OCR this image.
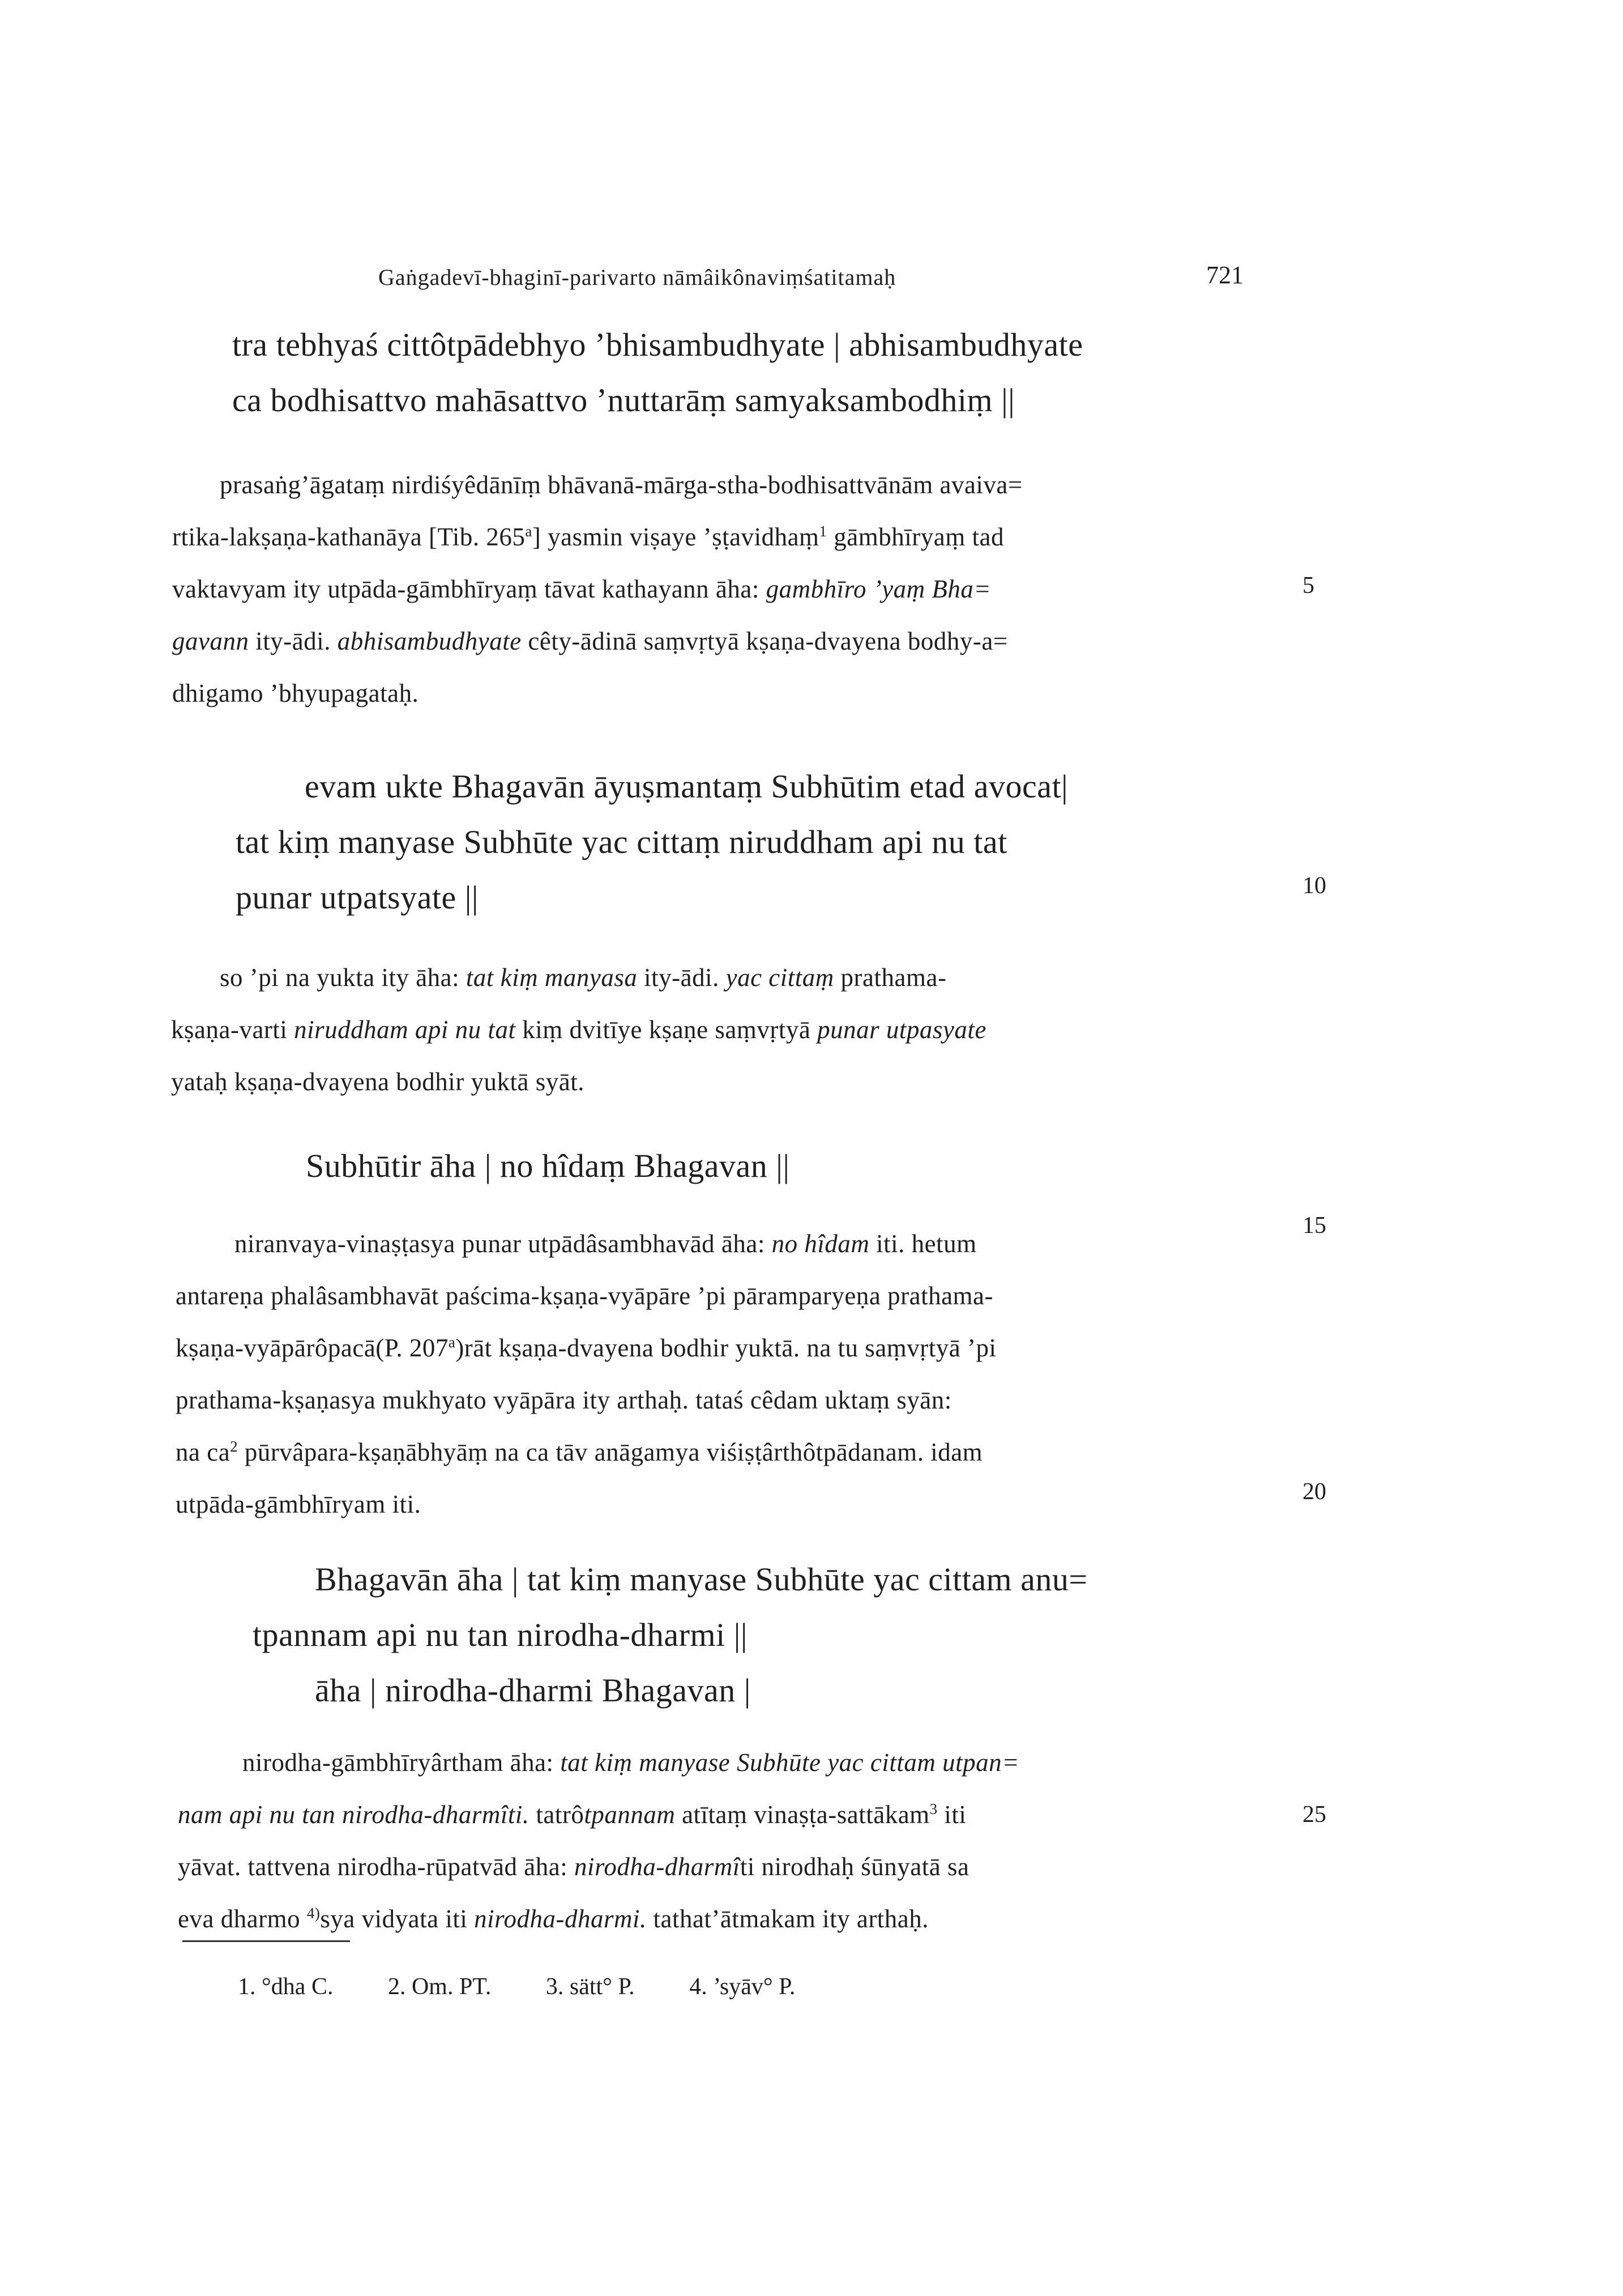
Gaṅgadevī-bhaginī-parivarto nāmâikônaviṃśatitamaḥ	721
tra tebhyaś cittôtpādebhyo ’bhisambudhyate | abhisambudhyate
ca bodhisattvo mahāsattvo ’nuttarāṃ samyaksambodhiṃ ||
prasaṅg’āgataṃ nirdiśyêdānīṃ bhāvanā-mārga-stha-bodhisattvānām avaiva=
rtika-lakṣaṇa-kathanāya [Tib. 265$^a$] yasmin viṣaye ’ṣṭavidhaṃ$^1$ gāmbhīryaṃ tad
vaktavyam ity utpāda-gāmbhīryaṃ tāvat kathayann āha: gambhīro ’yaṃ Bha=
gavann ity-ādi. abhisambudhyate cêty-ādinā saṃvṛtyā kṣaṇa-dvayena bodhy-a=
dhigamo ’bhyupagataḥ.
5
evam ukte Bhagavān āyuṣmantaṃ Subhūtim etad avocat|
tat kiṃ manyase Subhūte yac cittaṃ niruddham api nu tat
punar utpatsyate ||	10
so ’pi na yukta ity āha: tat kiṃ manyasa ity-ādi. yac cittaṃ prathama-
kṣaṇa-varti niruddham api nu tat kiṃ dvitīye kṣaṇe saṃvṛtyā punar utpasyate
yataḥ kṣaṇa-dvayena bodhir yuktā syāt.
Subhūtir āha | no hîdaṃ Bhagavan ||
niranvaya-vinaṣṭasya punar utpādâsambhavād āha: no hîdam iti. hetum
antareṇa phalâsambhavāt paścima-kṣaṇa-vyāpāre ’pi pāramparyeṇa prathama-
kṣaṇa-vyāpārôpacā(P. 207$^a$)rāt kṣaṇa-dvayena bodhir yuktā. na tu saṃvṛtyā ’pi
prathama-kṣaṇasya mukhyato vyāpāra ity arthaḥ. tataś cêdam uktaṃ syān:
na $ca^2$ pūrvâpara-kṣaṇābhyāṃ na ca tāv anāgamya viśiṣṭârthôtpādanam. idam
utpāda-gāmbhīryam iti.
15
20
Bhagavān āha | tat kiṃ manyase Subhūte yac cittam anu=
tpannam api nu tan nirodha-dharmi ||
āha | nirodha-dharmi Bhagavan |
nirodha-gāmbhīryârtham āha: tat kiṃ manyase Subhūte yac cittam utpan=
nam api nu tan nirodha-dharmîti. tatrôtpannam atītaṃ vinaṣṭa-sattākam$^3$ iti
yāvat. tattvena nirodha-rūpatvād āha: nirodha-dharmîti nirodhaḥ śūnyatā sa
eva dharmo $^{4)}$sya vidyata iti nirodha-dharmi. tathat’ātmakam ity arthaḥ.
25
1. °dha C. 2. Om. PT. 3. sätt° P. 4. ’syāv° P.
